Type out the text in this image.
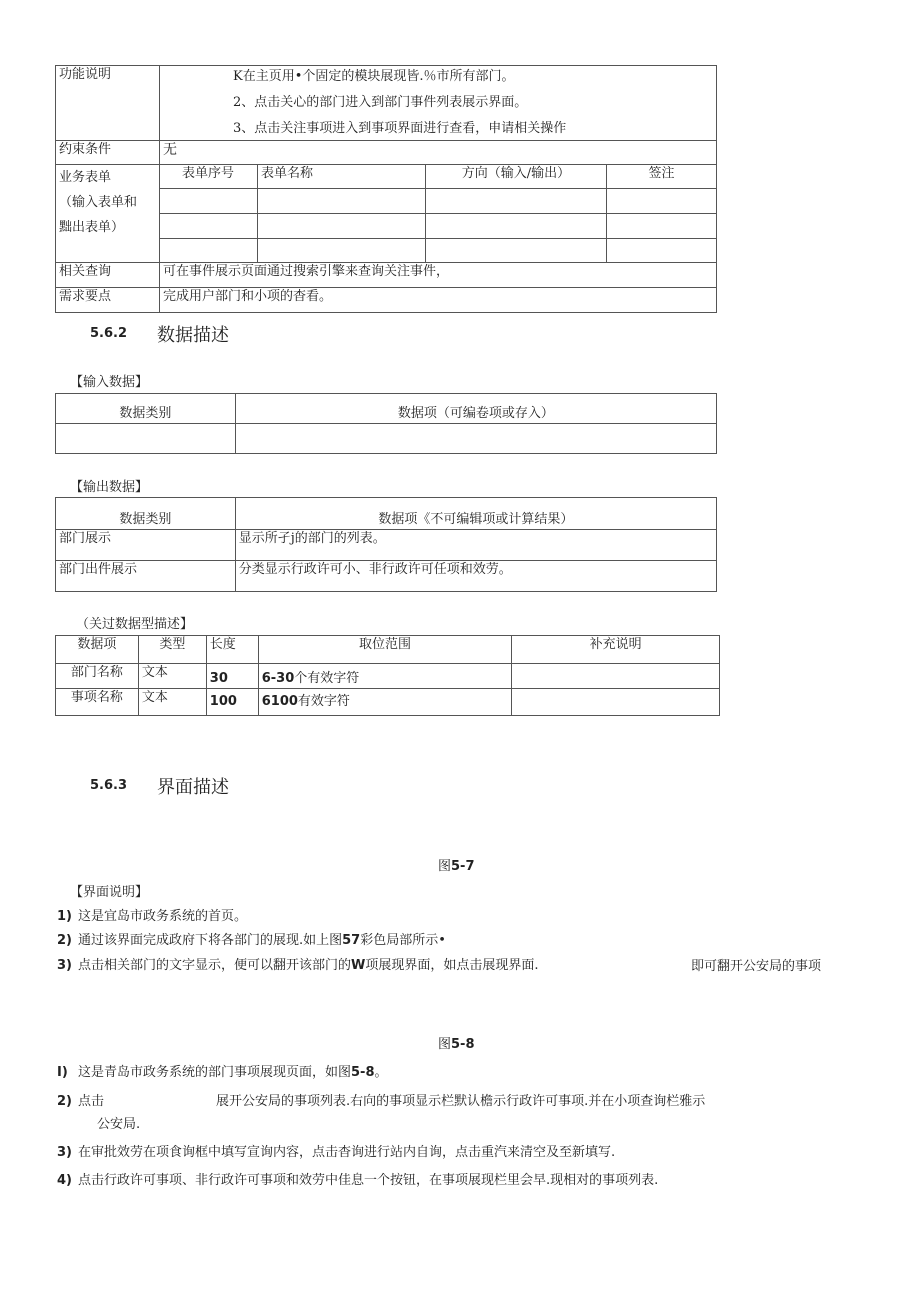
功能说明	K在主页用•个固定的模块展现皆.％市所有部门。
2、点击关心的部门进入到部门事件列表展示界面。
3、点击关注事项进入到事项界面进行查看，申请相关操作			

约束条件	无			

业务表单
（输入表单和
黜出表单）	表单序号	表单名称	方向（输入/输出）	签注

相关查询	可在事件展示页面通过搜索引擎来查询关注事件，			
需求要点	完成用户部门和小项的杳看。			
5.6.2 数据描述
【输入数据】
数据类别	数据项（可编卷项或存入）

【输出数据】
数据类别	数据项《不可编辑项或计算结果）
部门展示	显示所孑j的部门的列表。
部门出件展示	分类显示行政许可小、非行政许可任项和效劳。
（关过数据型描述】
数据项	类型	长度	取位范围	补充说明
部门名称	文本	30	6-30个有效字符	
事项名称	文本	100	6100有效字符	
5.6.3 界面描述
图5-7
【界面说明】
1) 这是宜岛市政务系统的首页。
2) 通过该界面完成政府下将各部门的展现.如上图57彩色局部所示•
3) 点击相关部门的文字显示，便可以翻开该部门的W项展现界面，如点击展现界面.	即可翻开公安局的事项
图5-8
I) 这是青岛市政务系统的部门事项展现页面，如图5-8。
2) 点击	展开公安局的事项列表.右向的事项显示栏默认檐示行政许可事项.并在小项查询栏雅示
公安局.
3) 在审批效劳在项食询框中填写宣询内容，点击杳询进行站内自询，点击重汽来清空及至新填写.
4) 点击行政许可事项、非行政许可事项和效劳中佳息一个按钮，在事项展现栏里会早.现相对的事项列表.
